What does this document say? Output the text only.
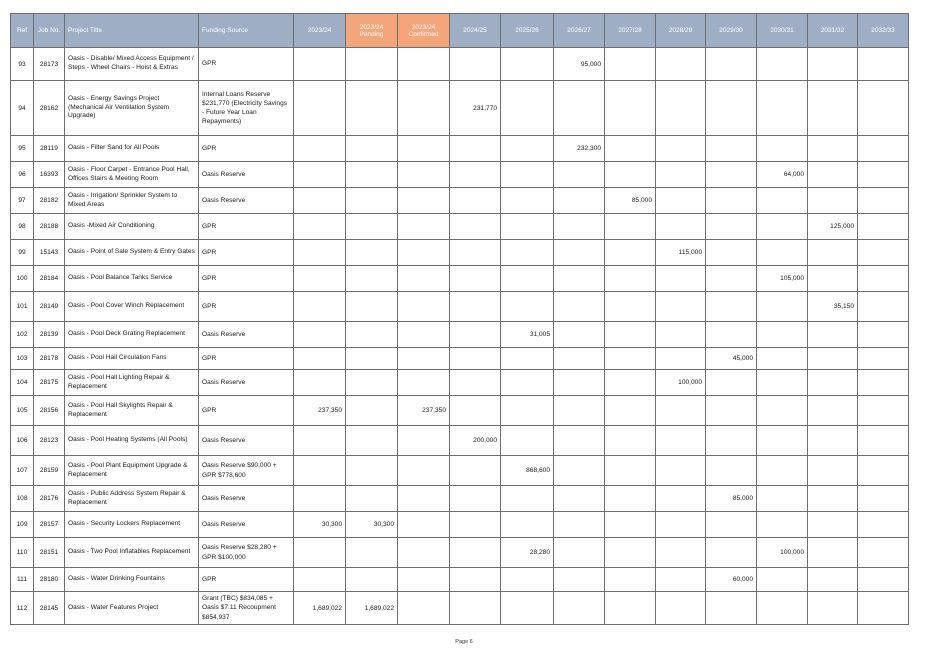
Ref	Job No.	Project Title	Funding Source	2023/24	2023/24 Pending	2023/24 Confirmed	2024/25	2025/26	2026/27	2027/28	2028/29	2029/30	2030/31	2031/32	2032/33
93	28173	Oasis - Disable/ Mixed Access Equipment / Steps - Wheel Chairs - Hoist & Extras	GPR						95,000						
94	28162	Oasis - Energy Savings Project (Mechanical Air Ventilation System Upgrade)	Internal Loans Reserve $231,770 (Electricity Savings - Future Year Loan Repayments)				231,770								
95	28119	Oasis - Filter Sand for All Pools	GPR						232,300						
96	16393	Oasis - Floor Carpet - Entrance Pool Hall, Offices Stairs & Meeting Room	Oasis Reserve										64,000		
97	28182	Oasis - Irrigation/ Sprinkler System to Mixed Areas	Oasis Reserve							85,000					
98	28188	Oasis -Mixed Air Conditioning	GPR											125,000	
99	15143	Oasis - Point of Sale System & Entry Gates	GPR								115,000				
100	28184	Oasis - Pool Balance Tanks Service	GPR										105,000		
101	28149	Oasis - Pool Cover Winch Replacement	GPR											35,150	
102	28139	Oasis - Pool Deck Grating Replacement	Oasis Reserve					31,005							
103	28178	Oasis - Pool Hall Circulation Fans	GPR									45,000			
104	28175	Oasis - Pool Hall Lighting Repair & Replacement	Oasis Reserve								100,000				
105	28156	Oasis - Pool Hall Skylights Repair & Replacement	GPR	237,350		237,350									
106	28123	Oasis - Pool Heating Systems (All Pools)	Oasis Reserve				200,000								
107	28159	Oasis - Pool Plant Equipment Upgrade & Replacement	Oasis Reserve $90,000 + GPR $778,600					868,600							
108	28176	Oasis - Public Address System Repair & Replacement	Oasis Reserve									85,000			
109	28157	Oasis - Security Lockers Replacement	Oasis Reserve	30,300	30,300										
110	28151	Oasis - Two Pool Inflatables Replacement	Oasis Reserve $28,280 + GPR $100,000					28,280					100,000		
111	28180	Oasis - Water Drinking Fountains	GPR									60,000			
112	28145	Oasis - Water Features Project	Grant (TBC) $834,085 + Oasis $7.11 Recoupment $854,937	1,689,022	1,689,022										
Page 6
